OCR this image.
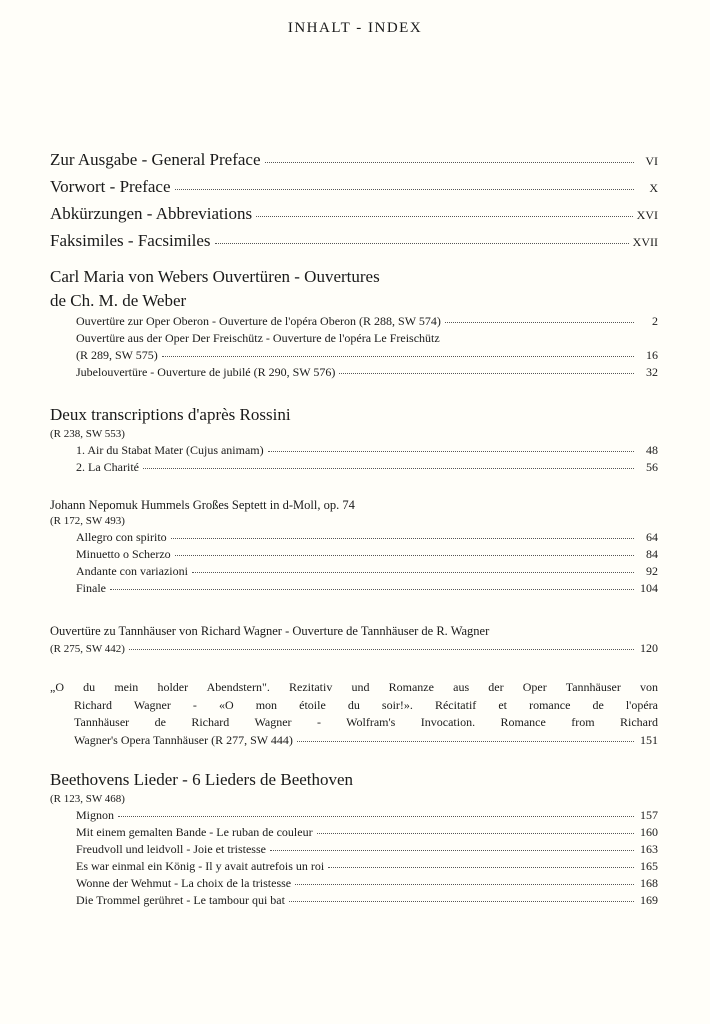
INHALT - INDEX
Zur Ausgabe - General Preface	VI
Vorwort - Preface	X
Abkürzungen - Abbreviations	XVI
Faksimiles - Facsimiles	XVII
Carl Maria von Webers Ouvertüren - Ouvertures
de Ch. M. de Weber
Ouvertüre zur Oper Oberon - Ouverture de l'opéra Oberon (R 288, SW 574)	2
Ouvertüre aus der Oper Der Freischütz - Ouverture de l'opéra Le Freischütz
(R 289, SW 575)	16
Jubelouvertüre - Ouverture de jubilé (R 290, SW 576)	32
Deux transcriptions d'après Rossini
(R 238, SW 553)
1. Air du Stabat Mater (Cujus animam)	48
2. La Charité	56
Johann Nepomuk Hummels Großes Septett in d-Moll, op. 74
(R 172, SW 493)
Allegro con spirito	64
Minuetto o Scherzo	84
Andante con variazioni	92
Finale	104
Ouvertüre zu Tannhäuser von Richard Wagner - Ouverture de Tannhäuser de R. Wagner
(R 275, SW 442)	120

„O du mein holder Abendstern". Rezitativ und Romanze aus der Oper Tannhäuser von

Richard Wagner - «O mon étoile du soir!». Récitatif et romance de l'opéra

Tannhäuser de Richard Wagner - Wolfram's Invocation. Romance from Richard

Wagner's Opera Tannhäuser (R 277, SW 444)	151
Beethovens Lieder - 6 Lieders de Beethoven
(R 123, SW 468)
Mignon	157
Mit einem gemalten Bande - Le ruban de couleur	160
Freudvoll und leidvoll - Joie et tristesse	163
Es war einmal ein König - Il y avait autrefois un roi	165
Wonne der Wehmut - La choix de la tristesse	168
Die Trommel gerühret - Le tambour qui bat	169
